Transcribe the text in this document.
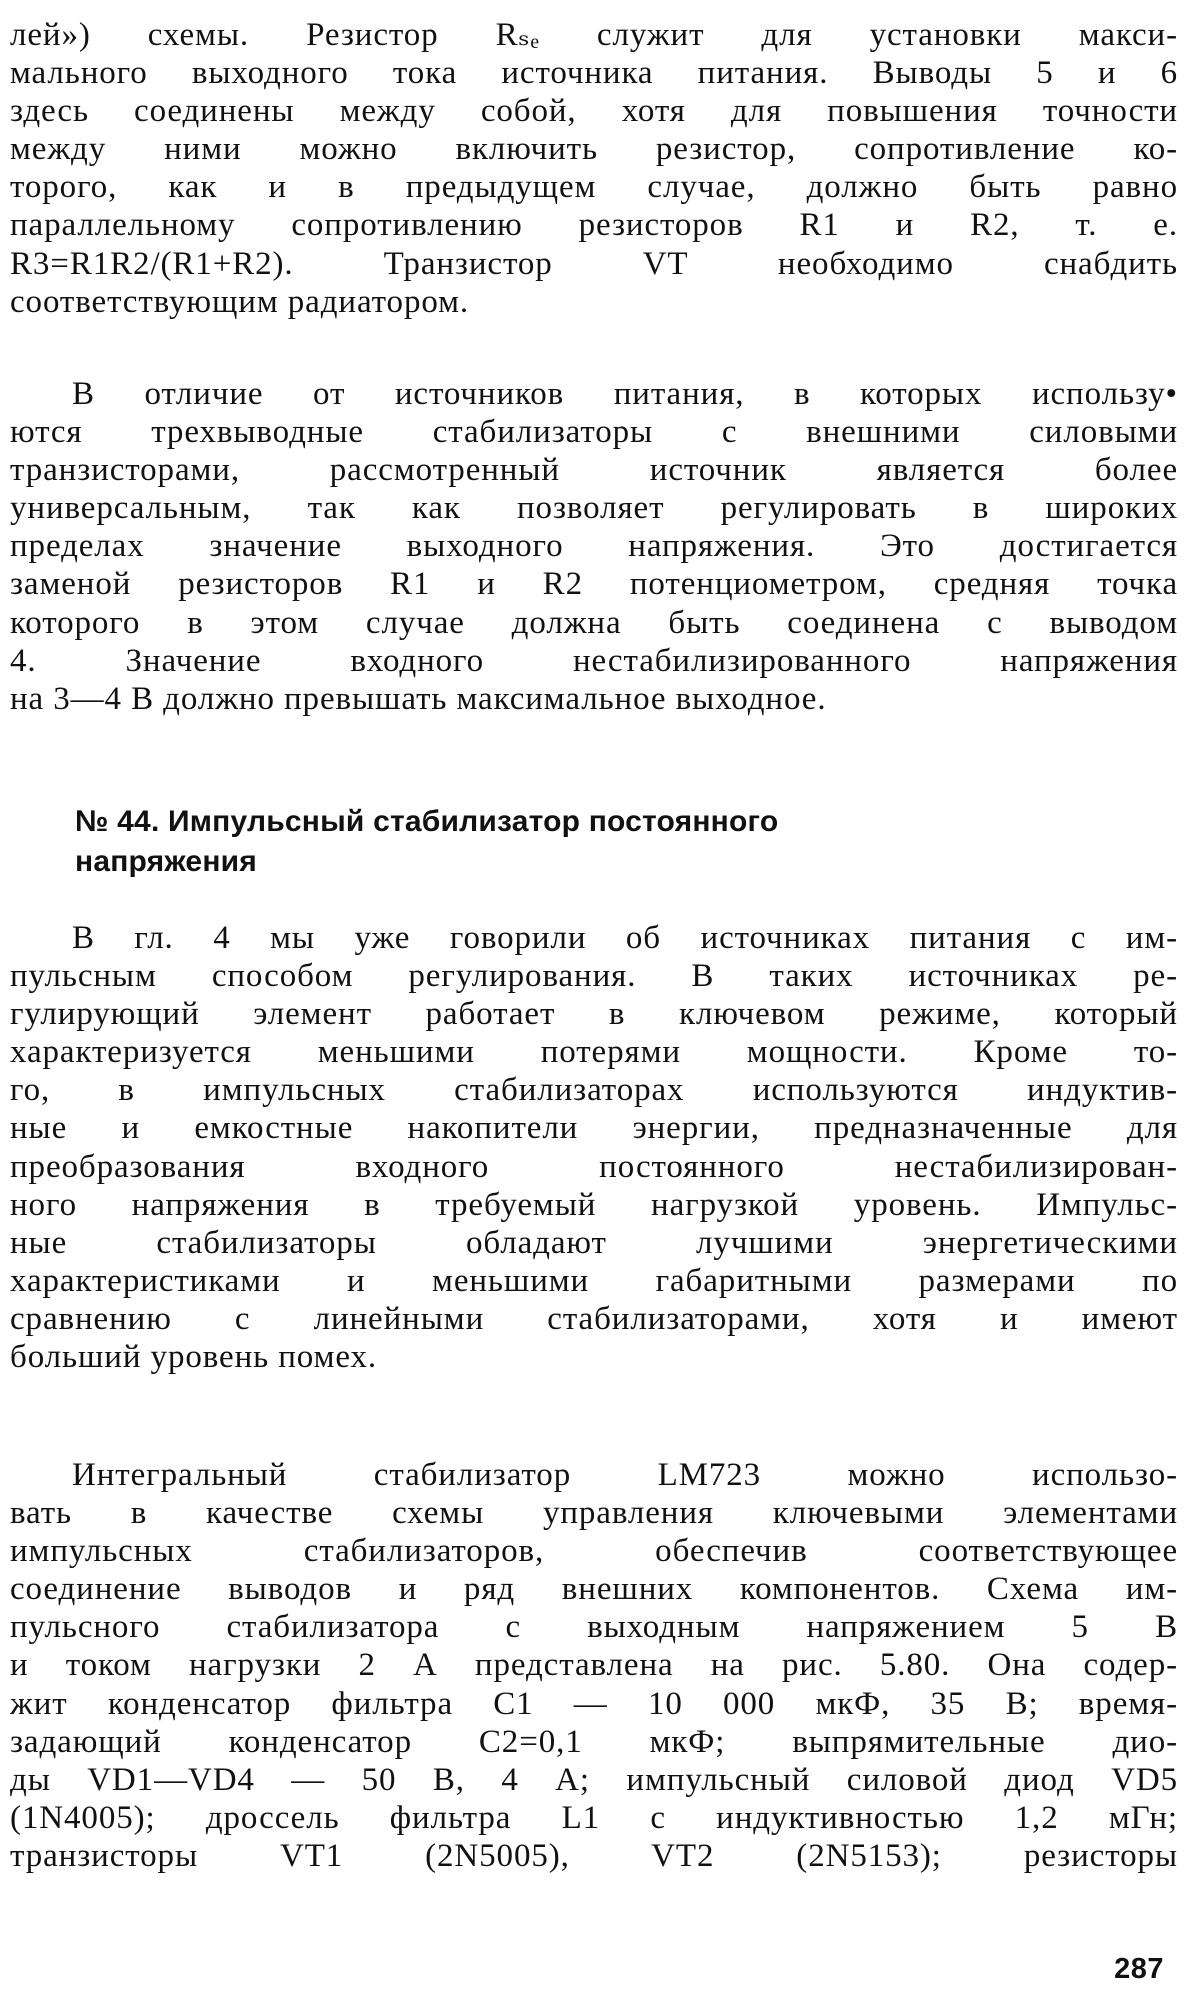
лей») схемы. Резистор Rₛₑ служит для установки макси-
мального выходного тока источника питания. Выводы 5 и 6
здесь соединены между собой, хотя для повышения точности
между ними можно включить резистор, сопротивление ко-
торого, как и в предыдущем случае, должно быть равно
параллельному сопротивлению резисторов R1 и R2, т. е.
R3=R1R2/(R1+R2). Транзистор VT необходимо снабдить
соответствующим радиатором.
В отличие от источников питания, в которых использу•
ются трехвыводные стабилизаторы с внешними силовыми
транзисторами, рассмотренный источник является более
универсальным, так как позволяет регулировать в широких
пределах значение выходного напряжения. Это достигается
заменой резисторов R1 и R2 потенциометром, средняя точка
которого в этом случае должна быть соединена с выводом
4. Значение входного нестабилизированного напряжения
на 3—4 В должно превышать максимальное выходное.
№ 44. Импульсный стабилизатор постоянного
напряжения
В гл. 4 мы уже говорили об источниках питания с им-
пульсным способом регулирования. В таких источниках ре-
гулирующий элемент работает в ключевом режиме, который
характеризуется меньшими потерями мощности. Кроме то-
го, в импульсных стабилизаторах используются индуктив-
ные и емкостные накопители энергии, предназначенные для
преобразования входного постоянного нестабилизирован-
ного напряжения в требуемый нагрузкой уровень. Импульс-
ные стабилизаторы обладают лучшими энергетическими
характеристиками и меньшими габаритными размерами по
сравнению с линейными стабилизаторами, хотя и имеют
больший уровень помех.
Интегральный стабилизатор LM723 можно использо-
вать в качестве схемы управления ключевыми элементами
импульсных стабилизаторов, обеспечив соответствующее
соединение выводов и ряд внешних компонентов. Схема им-
пульсного стабилизатора с выходным напряжением 5 В
и током нагрузки 2 А представлена на рис. 5.80. Она содер-
жит конденсатор фильтра C1 — 10 000 мкФ, 35 В; время-
задающий конденсатор C2=0,1 мкФ; выпрямительные дио-
ды VD1—VD4 — 50 В, 4 А; импульсный силовой диод VD5
(1N4005); дроссель фильтра L1 с индуктивностью 1,2 мГн;
транзисторы VT1 (2N5005), VT2 (2N5153); резисторы
287
